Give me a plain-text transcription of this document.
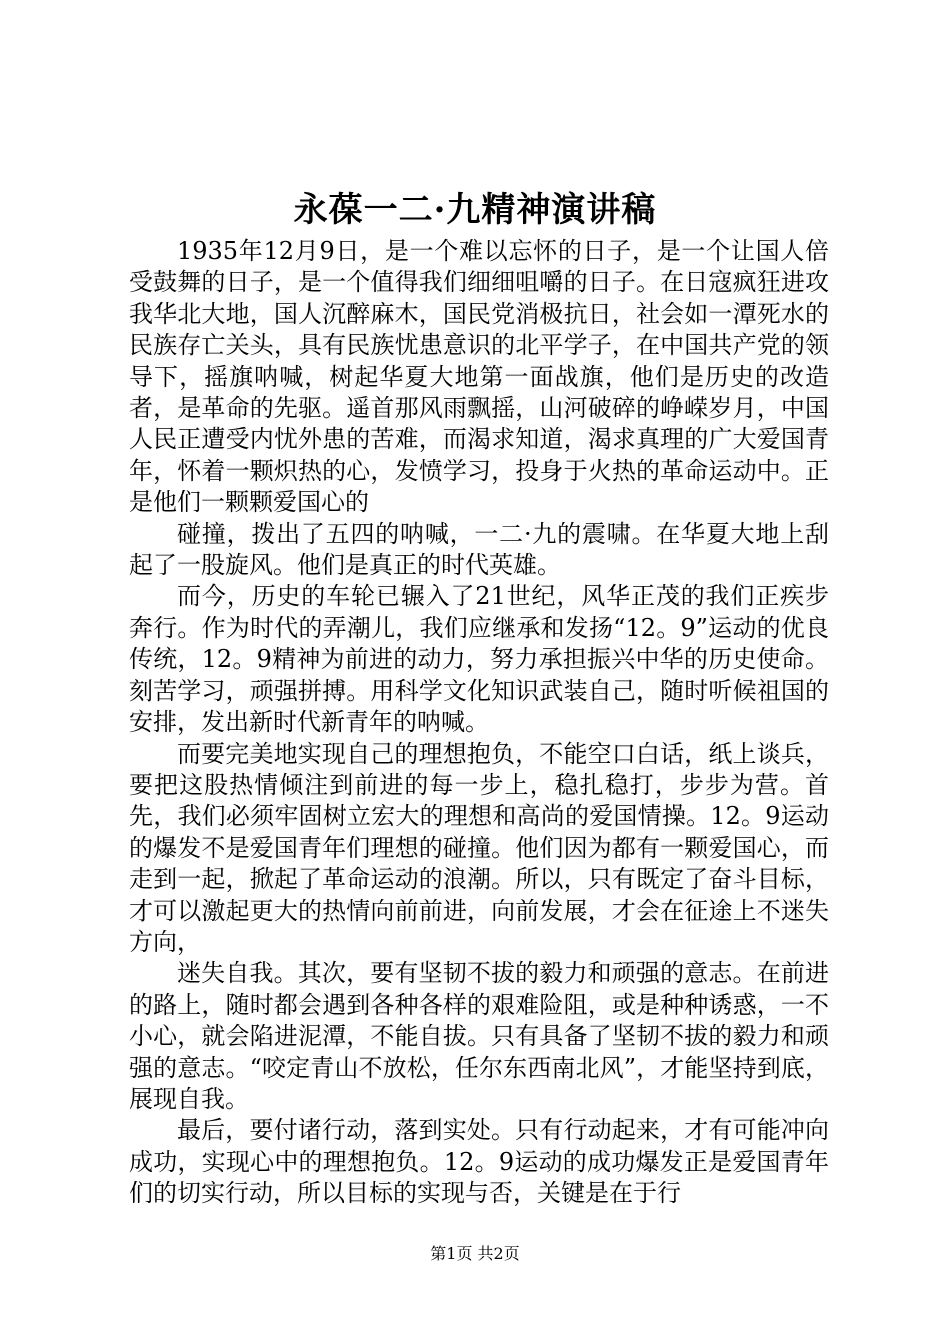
永葆一二·九精神演讲稿

1935年12月9日，是一个难以忘怀的日子，是一个让国人倍受鼓舞的日子，是一个值得我们细细咀嚼的日子。在日寇疯狂进攻我华北大地，国人沉醉麻木，国民党消极抗日，社会如一潭死水的民族存亡关头，具有民族忧患意识的北平学子，在中国共产党的领导下，摇旗呐喊，树起华夏大地第一面战旗，他们是历史的改造者，是革命的先驱。遥首那风雨飘摇，山河破碎的峥嵘岁月，中国人民正遭受内忧外患的苦难，而渴求知道，渴求真理的广大爱国青年，怀着一颗炽热的心，发愤学习，投身于火热的革命运动中。正是他们一颗颗爱国心的

碰撞，拨出了五四的呐喊，一二·九的震啸。在华夏大地上刮起了一股旋风。他们是真正的时代英雄。

而今，历史的车轮已辗入了21世纪，风华正茂的我们正疾步奔行。作为时代的弄潮儿，我们应继承和发扬“12。9”运动的优良传统，12。9精神为前进的动力，努力承担振兴中华的历史使命。刻苦学习，顽强拼搏。用科学文化知识武装自己，随时听候祖国的安排，发出新时代新青年的呐喊。

而要完美地实现自己的理想抱负，不能空口白话，纸上谈兵，要把这股热情倾注到前进的每一步上，稳扎稳打，步步为营。首先，我们必须牢固树立宏大的理想和高尚的爱国情操。12。9运动的爆发不是爱国青年们理想的碰撞。他们因为都有一颗爱国心，而走到一起，掀起了革命运动的浪潮。所以，只有既定了奋斗目标，才可以激起更大的热情向前前进，向前发展，才会在征途上不迷失方向，

迷失自我。其次，要有坚韧不拔的毅力和顽强的意志。在前进的路上，随时都会遇到各种各样的艰难险阻，或是种种诱惑，一不小心，就会陷进泥潭，不能自拔。只有具备了坚韧不拔的毅力和顽强的意志。“咬定青山不放松，任尔东西南北风”，才能坚持到底，展现自我。

最后，要付诸行动，落到实处。只有行动起来，才有可能冲向成功，实现心中的理想抱负。12。9运动的成功爆发正是爱国青年们的切实行动，所以目标的实现与否，关键是在于行

第1页 共2页
